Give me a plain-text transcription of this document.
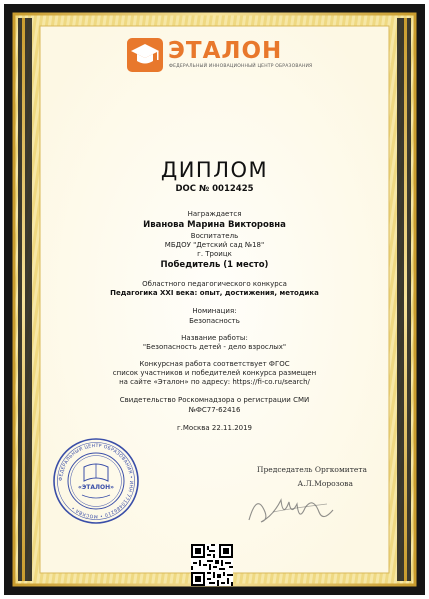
ЭТАЛОН
ФЕДЕРАЛЬНЫЙ ИННОВАЦИОННЫЙ ЦЕНТР ОБРАЗОВАНИЯ
ДИПЛОМ
DOC № 0012425
Награждается
Иванова Марина Викторовна
Воспитатель
МБДОУ "Детский сад №18"
г. Троицк
Победитель (1 место)
Областного педагогического конкурса
Педагогика XXI века: опыт, достижения, методика
Номинация:
Безопасность
Название работы:
"Безопасность детей - дело взрослых"
Конкурсная работа соответствует ФГОС
список участников и победителей конкурса размещен
на сайте «Эталон» по адресу: https://fi-co.ru/search/
Свидетельство Роскомнадзора о регистрации СМИ
№ФС77-62416
г.Москва 22.11.2019
ФЕДЕРАЛЬНЫЙ ЦЕНТР ОБРАЗОВАНИЯ • ИНН 7710486210 • МОСКВА •
«ЭТАЛОН»
Председатель Оргкомитета
А.Л.Морозова
